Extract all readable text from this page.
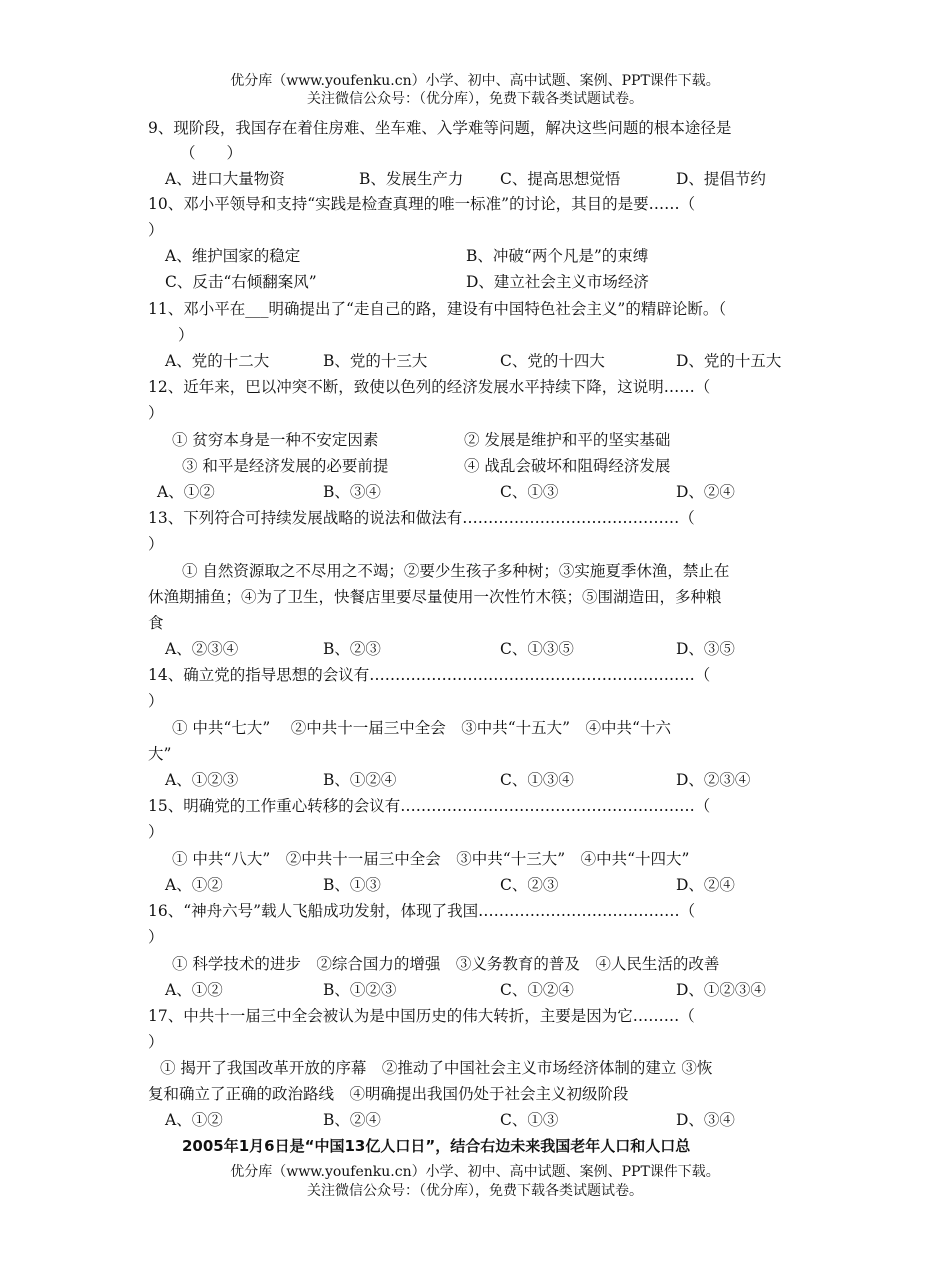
优分库（www.youfenku.cn）小学、初中、高中试题、案例、PPT课件下载。
关注微信公众号：（优分库），免费下载各类试题试卷。
9、现阶段，我国存在着住房难、坐车难、入学难等问题，解决这些问题的根本途径是
（　　）
A、进口大量物资	B、发展生产力 C、提高思想觉悟	D、提倡节约
10、邓小平领导和支持“实践是检查真理的唯一标准”的讨论，其目的是要……（
）
A、维护国家的稳定	B、冲破“两个凡是”的束缚
C、反击“右倾翻案风”	D、建立社会主义市场经济
11、邓小平在___明确提出了“走自己的路，建设有中国特色社会主义”的精辟论断。（
）
A、党的十二大	B、党的十三大	C、党的十四大	D、党的十五大
12、近年来，巴以冲突不断，致使以色列的经济发展水平持续下降，这说明……（
）
① 贫穷本身是一种不安定因素	② 发展是维护和平的坚实基础
③ 和平是经济发展的必要前提	④ 战乱会破坏和阻碍经济发展
A、①②	B、③④	C、①③	D、②④
13、下列符合可持续发展战略的说法和做法有……………………………………（
）
① 自然资源取之不尽用之不竭；②要少生孩子多种树；③实施夏季休渔，禁止在
休渔期捕鱼；④为了卫生，快餐店里要尽量使用一次性竹木筷；⑤围湖造田，多种粮
食
A、②③④	B、②③	C、①③⑤	D、③⑤
14、确立党的指导思想的会议有………………………………………………………（
）
① 中共“七大”　 ②中共十一届三中全会　③中共“十五大”　④中共“十六
大”
A、①②③	B、①②④	C、①③④	D、②③④
15、明确党的工作重心转移的会议有…………………………………………………（
）
① 中共“八大”　②中共十一届三中全会　③中共“十三大”　④中共“十四大”
A、①②	B、①③	C、②③	D、②④
16、“神舟六号”载人飞船成功发射，体现了我国…………………………………（
）
① 科学技术的进步　②综合国力的增强　③义务教育的普及　④人民生活的改善
A、①②	B、①②③	C、①②④	D、①②③④
17、中共十一届三中全会被认为是中国历史的伟大转折，主要是因为它………（
）
① 揭开了我国改革开放的序幕　②推动了中国社会主义市场经济体制的建立 ③恢
复和确立了正确的政治路线　④明确提出我国仍处于社会主义初级阶段
A、①②	B、②④	C、①③	D、③④
2005年1月6日是“中国13亿人口日”，结合右边未来我国老年人口和人口总
优分库（www.youfenku.cn）小学、初中、高中试题、案例、PPT课件下载。
关注微信公众号：（优分库），免费下载各类试题试卷。
